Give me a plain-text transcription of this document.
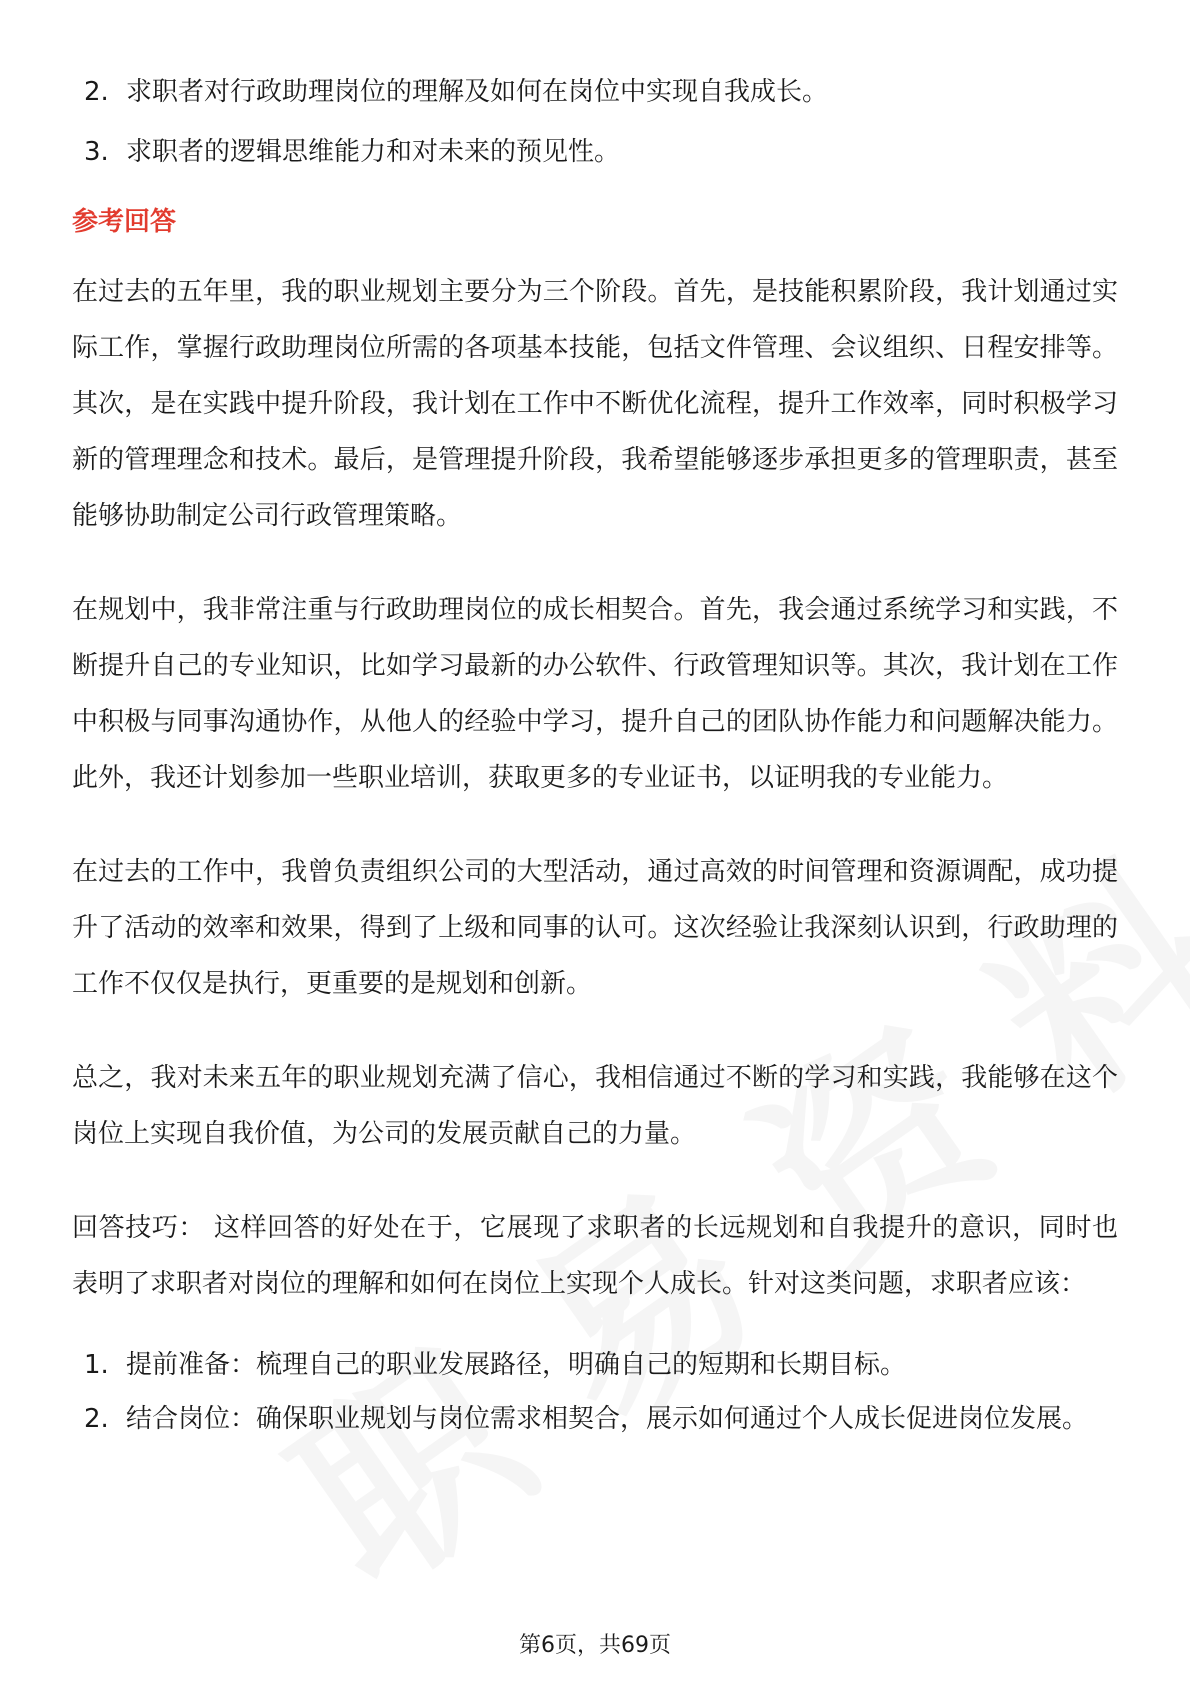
2. 求职者对行政助理岗位的理解及如何在岗位中实现自我成长。
3. 求职者的逻辑思维能力和对未来的预见性。
参考回答

在过去的五年里，我的职业规划主要分为三个阶段。首先，是技能积累阶段，我计划通过实际工作，掌握行政助理岗位所需的各项基本技能，包括文件管理、会议组织、日程安排等。其次，是在实践中提升阶段，我计划在工作中不断优化流程，提升工作效率，同时积极学习新的管理理念和技术。最后，是管理提升阶段，我希望能够逐步承担更多的管理职责，甚至能够协助制定公司行政管理策略。

在规划中，我非常注重与行政助理岗位的成长相契合。首先，我会通过系统学习和实践，不断提升自己的专业知识，比如学习最新的办公软件、行政管理知识等。其次，我计划在工作中积极与同事沟通协作，从他人的经验中学习，提升自己的团队协作能力和问题解决能力。此外，我还计划参加一些职业培训，获取更多的专业证书，以证明我的专业能力。

在过去的工作中，我曾负责组织公司的大型活动，通过高效的时间管理和资源调配，成功提升了活动的效率和效果，得到了上级和同事的认可。这次经验让我深刻认识到，行政助理的工作不仅仅是执行，更重要的是规划和创新。

总之，我对未来五年的职业规划充满了信心，我相信通过不断的学习和实践，我能够在这个岗位上实现自我价值，为公司的发展贡献自己的力量。

回答技巧： 这样回答的好处在于，它展现了求职者的长远规划和自我提升的意识，同时也表明了求职者对岗位的理解和如何在岗位上实现个人成长。针对这类问题，求职者应该：

1. 提前准备：梳理自己的职业发展路径，明确自己的短期和长期目标。
2. 结合岗位：确保职业规划与岗位需求相契合，展示如何通过个人成长促进岗位发展。
第6页，共69页
